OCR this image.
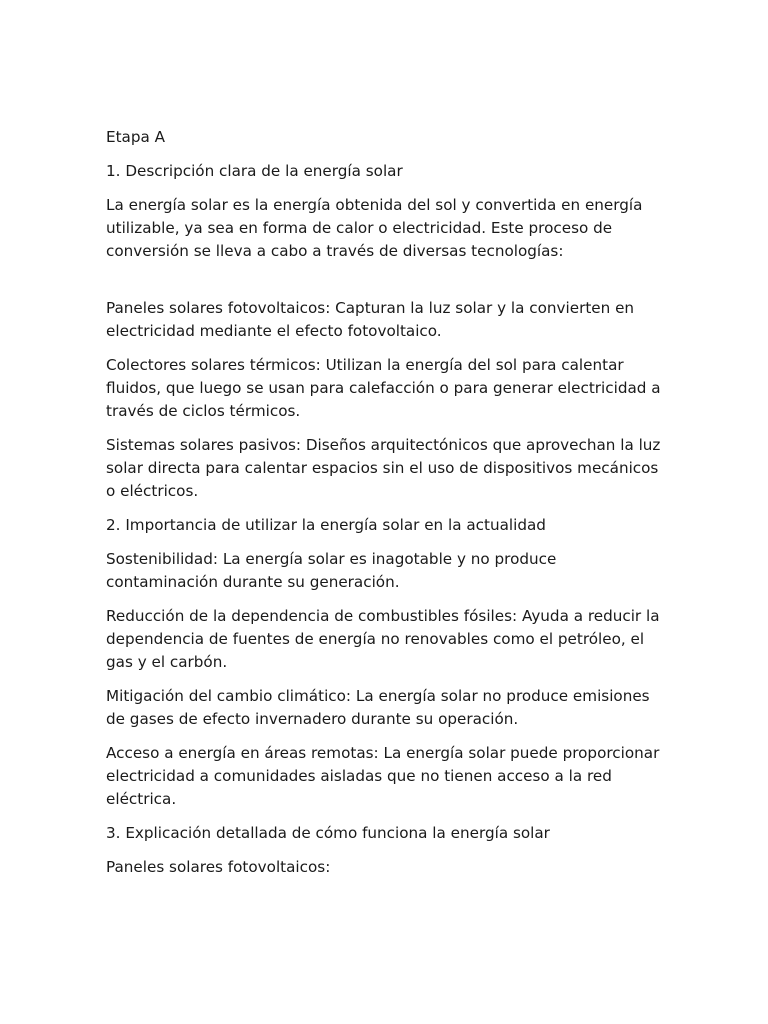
Etapa A

1. Descripción clara de la energía solar

La energía solar es la energía obtenida del sol y convertida en energía utilizable, ya sea en forma de calor o electricidad. Este proceso de conversión se lleva a cabo a través de diversas tecnologías:

Paneles solares fotovoltaicos: Capturan la luz solar y la convierten en electricidad mediante el efecto fotovoltaico.

Colectores solares térmicos: Utilizan la energía del sol para calentar fluidos, que luego se usan para calefacción o para generar electricidad a través de ciclos térmicos.

Sistemas solares pasivos: Diseños arquitectónicos que aprovechan la luz solar directa para calentar espacios sin el uso de dispositivos mecánicos o eléctricos.

2. Importancia de utilizar la energía solar en la actualidad

Sostenibilidad: La energía solar es inagotable y no produce contaminación durante su generación.

Reducción de la dependencia de combustibles fósiles: Ayuda a reducir la dependencia de fuentes de energía no renovables como el petróleo, el gas y el carbón.

Mitigación del cambio climático: La energía solar no produce emisiones de gases de efecto invernadero durante su operación.

Acceso a energía en áreas remotas: La energía solar puede proporcionar electricidad a comunidades aisladas que no tienen acceso a la red eléctrica.

3. Explicación detallada de cómo funciona la energía solar

Paneles solares fotovoltaicos:
